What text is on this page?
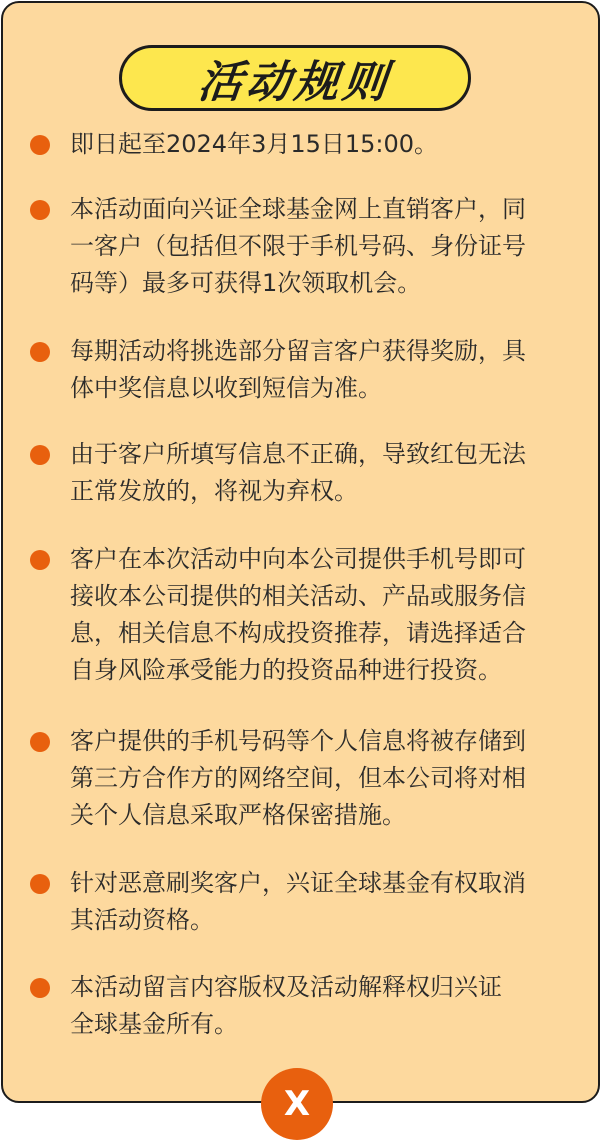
活动规则
即日起至2024年3月15日15:00。
本活动面向兴证全球基金网上直销客户，同
一客户（包括但不限于手机号码、身份证号
码等）最多可获得1次领取机会。
每期活动将挑选部分留言客户获得奖励，具
体中奖信息以收到短信为准。
由于客户所填写信息不正确，导致红包无法
正常发放的，将视为弃权。
客户在本次活动中向本公司提供手机号即可
接收本公司提供的相关活动、产品或服务信
息，相关信息不构成投资推荐，请选择适合
自身风险承受能力的投资品种进行投资。
客户提供的手机号码等个人信息将被存储到
第三方合作方的网络空间，但本公司将对相
关个人信息采取严格保密措施。
针对恶意刷奖客户，兴证全球基金有权取消
其活动资格。
本活动留言内容版权及活动解释权归兴证
全球基金所有。
X
